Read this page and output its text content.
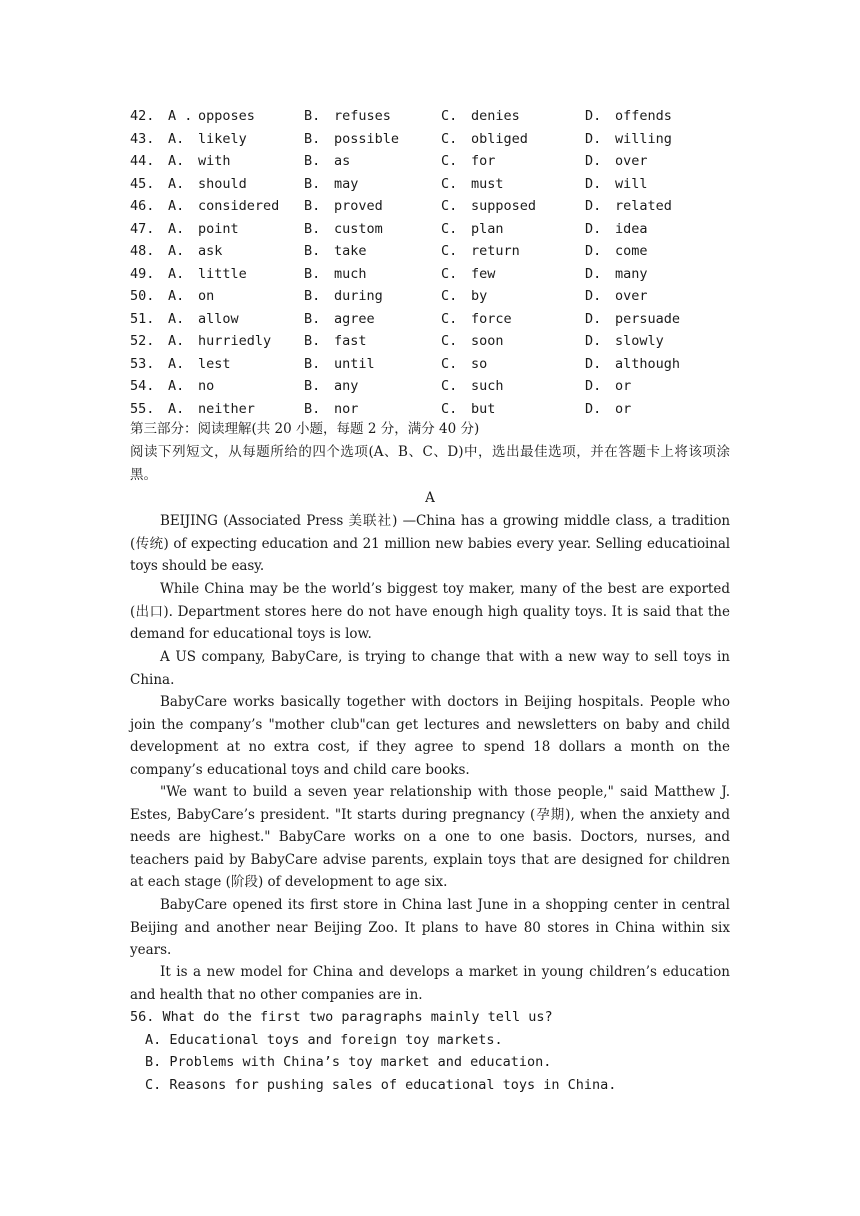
42. A . opposes	B. refuses	C. denies	D. offends
43. A. likely	B. possible	C. obliged	D. willing
44. A. with	B. as	C. for	D. over
45. A. should	B. may	C. must	D. will
46. A. considered B. proved	C. supposed	D. related
47. A. point	B. custom	C. plan	D. idea
48. A. ask	B. take	C. return	D. come
49. A. little	B. much	C. few	D. many
50. A. on	B. during	C. by	D. over
51. A. allow	B. agree	C. force	D. persuade
52. A. hurriedly B. fast	C. soon	D. slowly
53. A. lest	B. until	C. so	D. although
54. A. no	B. any	C. such	D. or
55. A. neither	B. nor	C. but	D. or
第三部分：阅读理解(共 20 小题，每题 2 分，满分 40 分)
阅读下列短文，从每题所给的四个选项(A、B、C、D)中，选出最佳选项，并在答题卡上将该项涂黑。
A
BEIJING (Associated Press 美联社) —China has a growing middle class, a tradition (传统) of expecting education and 21 million new babies every year. Selling educatioinal toys should be easy.
While China may be the world’s biggest toy maker, many of the best are exported (出口). Department stores here do not have enough high quality toys. It is said that the demand for educational toys is low.
A US company, BabyCare, is trying to change that with a new way to sell toys in China.
BabyCare works basically together with doctors in Beijing hospitals. People who join the company’s "mother club"can get lectures and newsletters on baby and child development at no extra cost, if they agree to spend 18 dollars a month on the company’s educational toys and child care books.
"We want to build a seven year relationship with those people," said Matthew J. Estes, BabyCare’s president. "It starts during pregnancy (孕期), when the anxiety and needs are highest." BabyCare works on a one to one basis. Doctors, nurses, and teachers paid by BabyCare advise parents, explain toys that are designed for children at each stage (阶段) of development to age six.
BabyCare opened its first store in China last June in a shopping center in central Beijing and another near Beijing Zoo. It plans to have 80 stores in China within six years.
It is a new model for China and develops a market in young children’s education and health that no other companies are in.
56. What do the first two paragraphs mainly tell us?
A. Educational toys and foreign toy markets.
B. Problems with China’s toy market and education.
C. Reasons for pushing sales of educational toys in China.
